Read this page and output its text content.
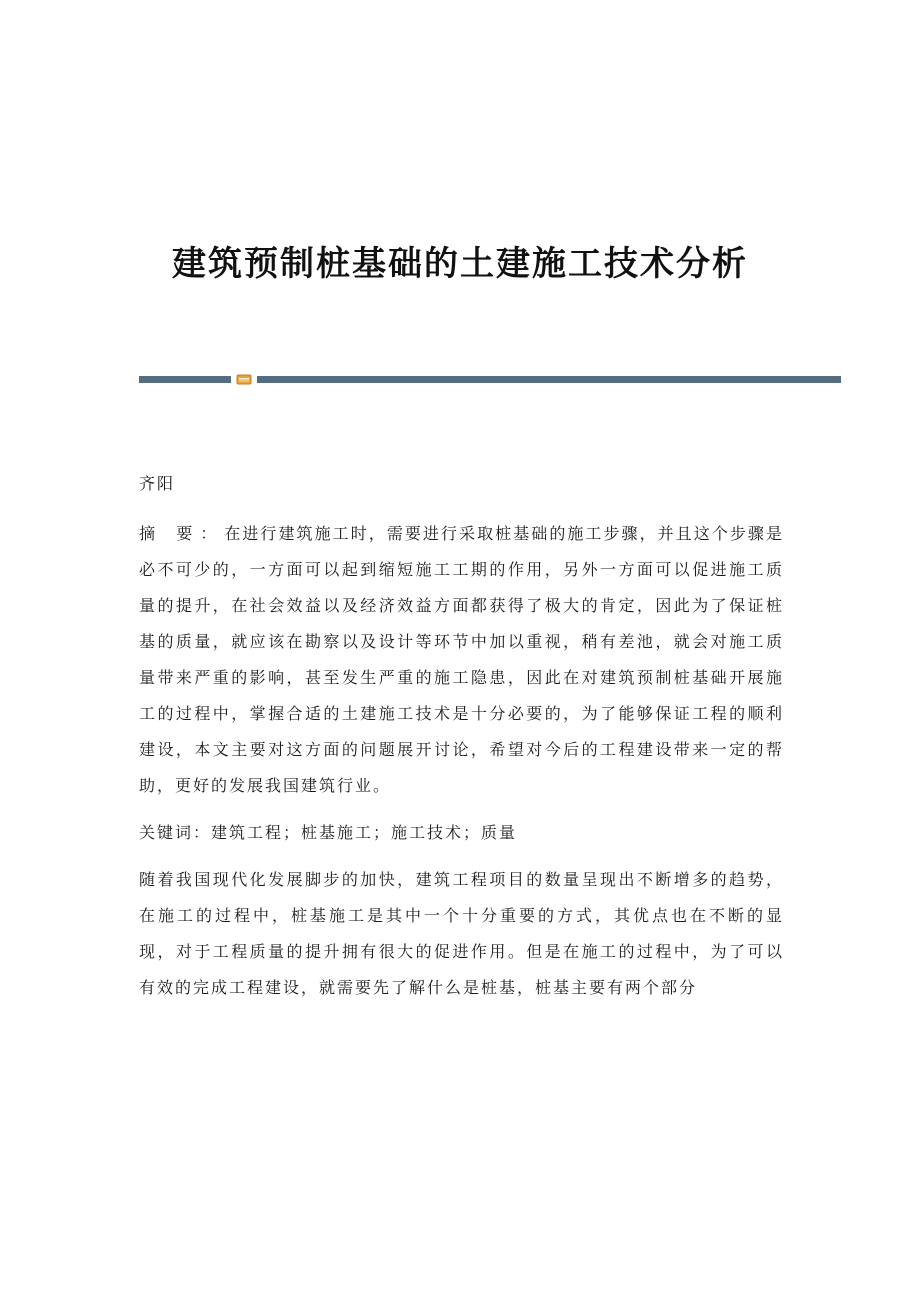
建筑预制桩基础的土建施工技术分析

齐阳

摘 要：在进行建筑施工时，需要进行采取桩基础的施工步骤，并且这个步骤是必不可少的，一方面可以起到缩短施工工期的作用，另外一方面可以促进施工质量的提升，在社会效益以及经济效益方面都获得了极大的肯定，因此为了保证桩基的质量，就应该在勘察以及设计等环节中加以重视，稍有差池，就会对施工质量带来严重的影响，甚至发生严重的施工隐患，因此在对建筑预制桩基础开展施工的过程中，掌握合适的土建施工技术是十分必要的，为了能够保证工程的顺利建设，本文主要对这方面的问题展开讨论，希望对今后的工程建设带来一定的帮助，更好的发展我国建筑行业。

关键词：建筑工程；桩基施工；施工技术；质量

随着我国现代化发展脚步的加快，建筑工程项目的数量呈现出不断增多的趋势，在施工的过程中，桩基施工是其中一个十分重要的方式，其优点也在不断的显现，对于工程质量的提升拥有很大的促进作用。但是在施工的过程中，为了可以有效的完成工程建设，就需要先了解什么是桩基，桩基主要有两个部分
